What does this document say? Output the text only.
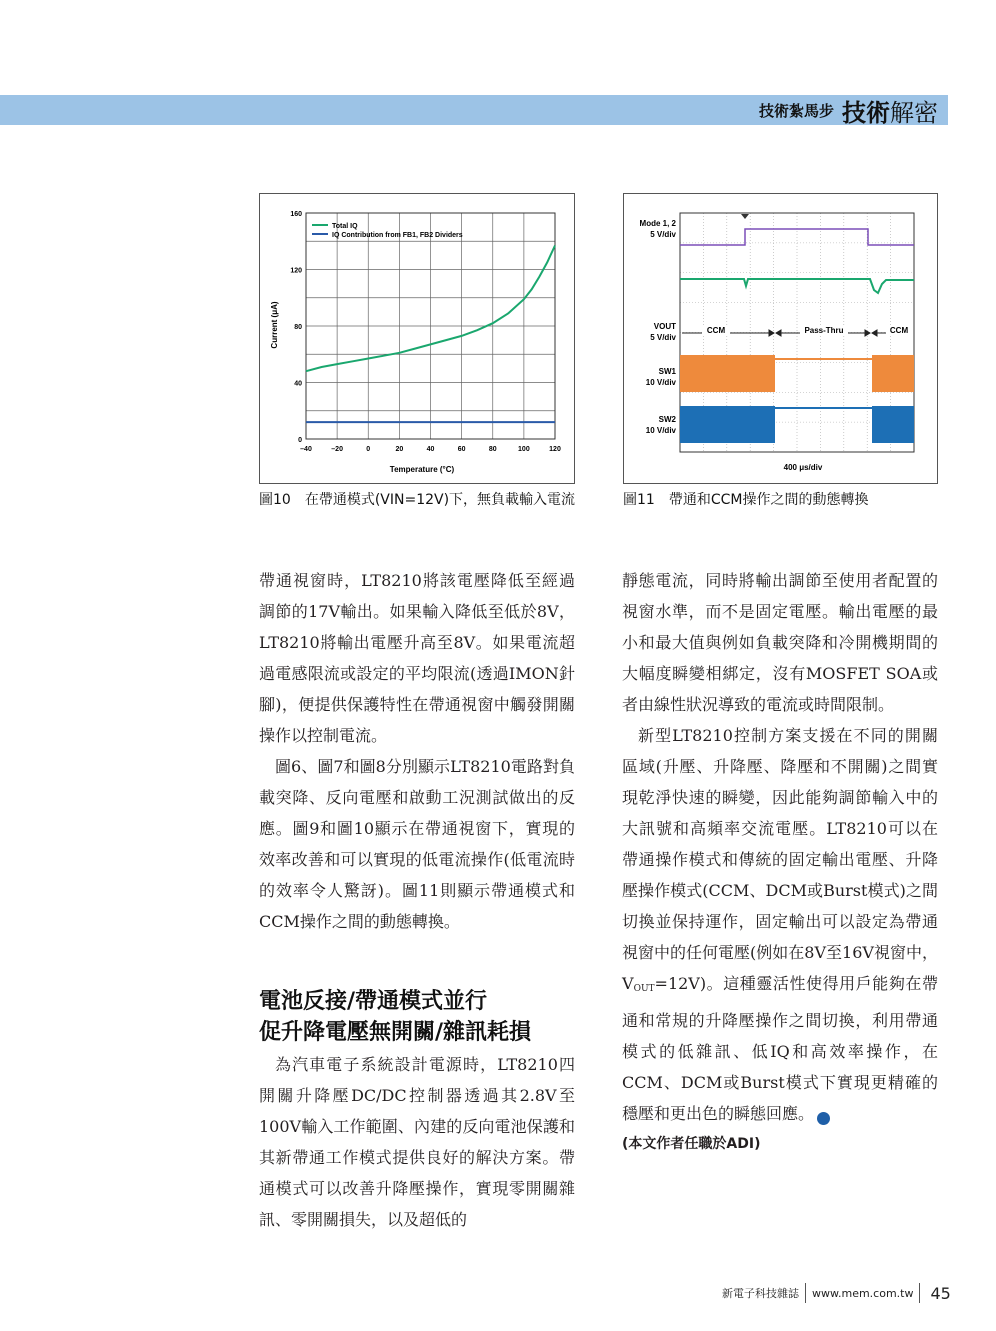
技術紮馬步 技術解密
–40	–20	0	20	40	60	80	100	120
0
40
80
120
160
Temperature (°C)
Current (μA)
Total IQ
IQ Contribution from FB1, FB2 Dividers
圖10 在帶通模式(VIN=12V)下，無負載輸入電流
Mode 1, 2
5 V/div
VOUT
5 V/div
SW1
10 V/div
SW2
10 V/div
400 μs/div
CCM	Pass-Thru	CCM
圖11 帶通和CCM操作之間的動態轉換

帶通視窗時，LT8210將該電壓降低至經過調節的17V輸出。如果輸入降低至低於8V，LT8210將輸出電壓升高至8V。如果電流超過電感限流或設定的平均限流(透過IMON針腳)，便提供保護特性在帶通視窗中觸發開關操作以控制電流。

圖6、圖7和圖8分別顯示LT8210電路對負載突降、反向電壓和啟動工況測試做出的反應。圖9和圖10顯示在帶通視窗下，實現的效率改善和可以實現的低電流操作(低電流時的效率令人驚訝)。圖11則顯示帶通模式和CCM操作之間的動態轉換。

電池反接/帶通模式並行
促升降電壓無開關/雜訊耗損

為汽車電子系統設計電源時，LT8210四開關升降壓DC/DC控制器透過其2.8V至100V輸入工作範圍、內建的反向電池保護和其新帶通工作模式提供良好的解決方案。帶通模式可以改善升降壓操作，實現零開關雜訊、零開關損失，以及超低的

靜態電流，同時將輸出調節至使用者配置的視窗水準，而不是固定電壓。輸出電壓的最小和最大值與例如負載突降和冷開機期間的大幅度瞬變相綁定，沒有MOSFET SOA或者由線性狀況導致的電流或時間限制。

新型LT8210控制方案支援在不同的開關區域(升壓、升降壓、降壓和不開關)之間實現乾淨快速的瞬變，因此能夠調節輸入中的大訊號和高頻率交流電壓。LT8210可以在帶通操作模式和傳統的固定輸出電壓、升降壓操作模式(CCM、DCM或Burst模式)之間切換並保持運作，固定輸出可以設定為帶通視窗中的任何電壓(例如在8V至16V視窗中，$V_{OUT}=12V$)。這種靈活性使得用戶能夠在帶通和常規的升降壓操作之間切換，利用帶通模式的低雜訊、低IQ和高效率操作，在CCM、DCM或Burst模式下實現更精確的穩壓和更出色的瞬態回應。	●

(本文作者任職於ADI)

新電子科技雜誌 www.mem.com.tw 45
